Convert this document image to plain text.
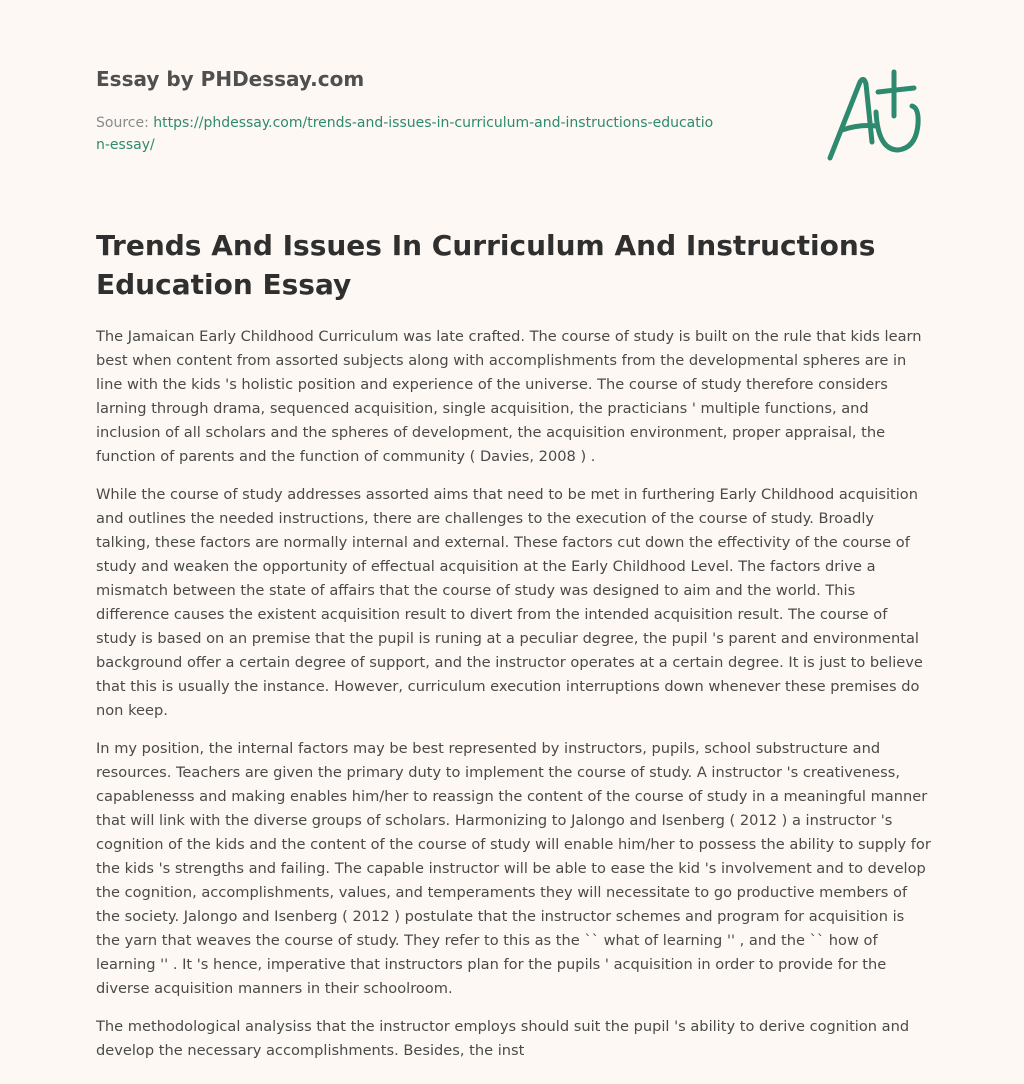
Essay by PHDessay.com
Source: https://phdessay.com/trends-and-issues-in-curriculum-and-instructions-education-essay/
Trends And Issues In Curriculum And Instructions Education Essay

The Jamaican Early Childhood Curriculum was late crafted. The course of study is built on the rule that kids learn best when content from assorted subjects along with accomplishments from the developmental spheres are in line with the kids 's holistic position and experience of the universe. The course of study therefore considers larning through drama, sequenced acquisition, single acquisition, the practicians ' multiple functions, and inclusion of all scholars and the spheres of development, the acquisition environment, proper appraisal, the function of parents and the function of community ( Davies, 2008 ) .

While the course of study addresses assorted aims that need to be met in furthering Early Childhood acquisition and outlines the needed instructions, there are challenges to the execution of the course of study. Broadly talking, these factors are normally internal and external. These factors cut down the effectivity of the course of study and weaken the opportunity of effectual acquisition at the Early Childhood Level. The factors drive a mismatch between the state of affairs that the course of study was designed to aim and the world. This difference causes the existent acquisition result to divert from the intended acquisition result. The course of study is based on an premise that the pupil is runing at a peculiar degree, the pupil 's parent and environmental background offer a certain degree of support, and the instructor operates at a certain degree. It is just to believe that this is usually the instance. However, curriculum execution interruptions down whenever these premises do non keep.

In my position, the internal factors may be best represented by instructors, pupils, school substructure and resources. Teachers are given the primary duty to implement the course of study. A instructor 's creativeness, capablenesss and making enables him/her to reassign the content of the course of study in a meaningful manner that will link with the diverse groups of scholars. Harmonizing to Jalongo and Isenberg ( 2012 ) a instructor 's cognition of the kids and the content of the course of study will enable him/her to possess the ability to supply for the kids 's strengths and failing. The capable instructor will be able to ease the kid 's involvement and to develop the cognition, accomplishments, values, and temperaments they will necessitate to go productive members of the society. Jalongo and Isenberg ( 2012 ) postulate that the instructor schemes and program for acquisition is the yarn that weaves the course of study. They refer to this as the `` what of learning '' , and the `` how of learning '' . It 's hence, imperative that instructors plan for the pupils ' acquisition in order to provide for the diverse acquisition manners in their schoolroom.

The methodological analysiss that the instructor employs should suit the pupil 's ability to derive cognition and develop the necessary accomplishments. Besides, the inst
